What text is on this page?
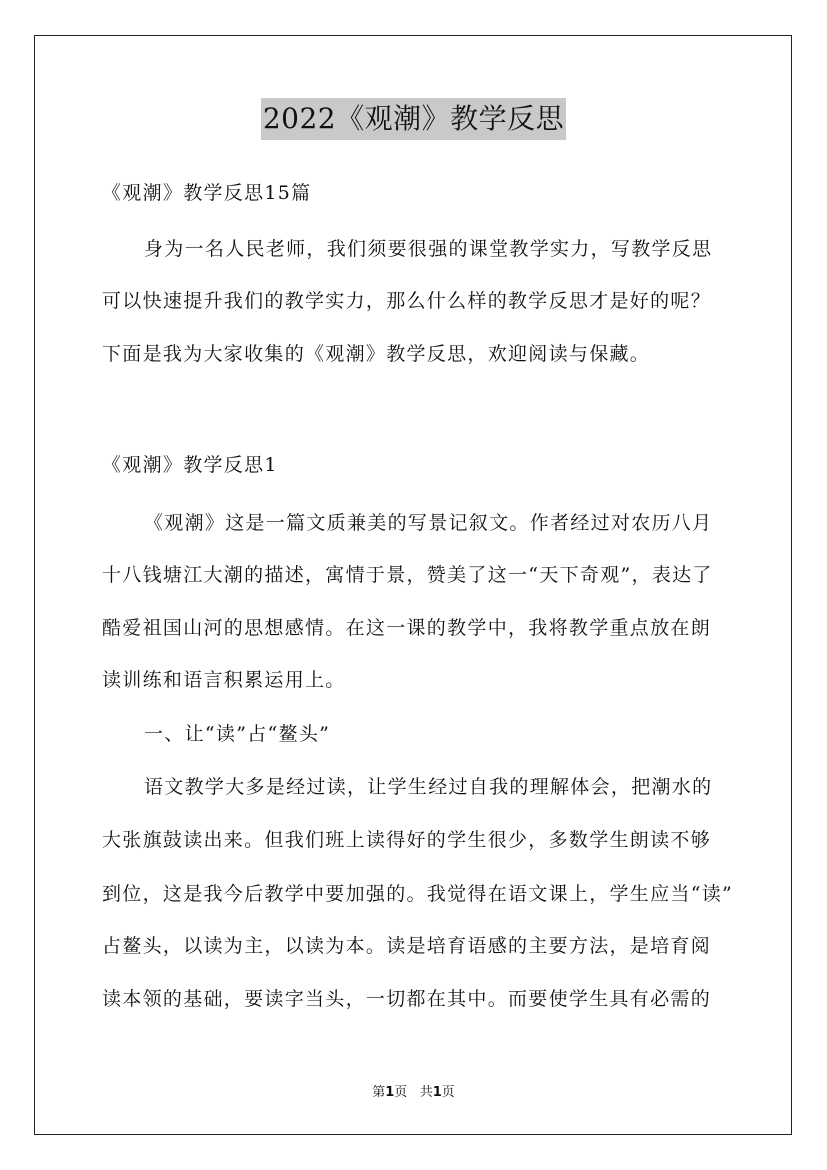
2022《观潮》教学反思
《观潮》教学反思15篇
身为一名人民老师，我们须要很强的课堂教学实力，写教学反思
可以快速提升我们的教学实力，那么什么样的教学反思才是好的呢？
下面是我为大家收集的《观潮》教学反思，欢迎阅读与保藏。
《观潮》教学反思1
《观潮》这是一篇文质兼美的写景记叙文。作者经过对农历八月
十八钱塘江大潮的描述，寓情于景，赞美了这一“天下奇观”，表达了
酷爱祖国山河的思想感情。在这一课的教学中，我将教学重点放在朗
读训练和语言积累运用上。
一、让“读”占“鳌头”
语文教学大多是经过读，让学生经过自我的理解体会，把潮水的
大张旗鼓读出来。但我们班上读得好的学生很少，多数学生朗读不够
到位，这是我今后教学中要加强的。我觉得在语文课上，学生应当“读”
占鳌头，以读为主，以读为本。读是培育语感的主要方法，是培育阅
读本领的基础，要读字当头，一切都在其中。而要使学生具有必需的
第1页   共1页
